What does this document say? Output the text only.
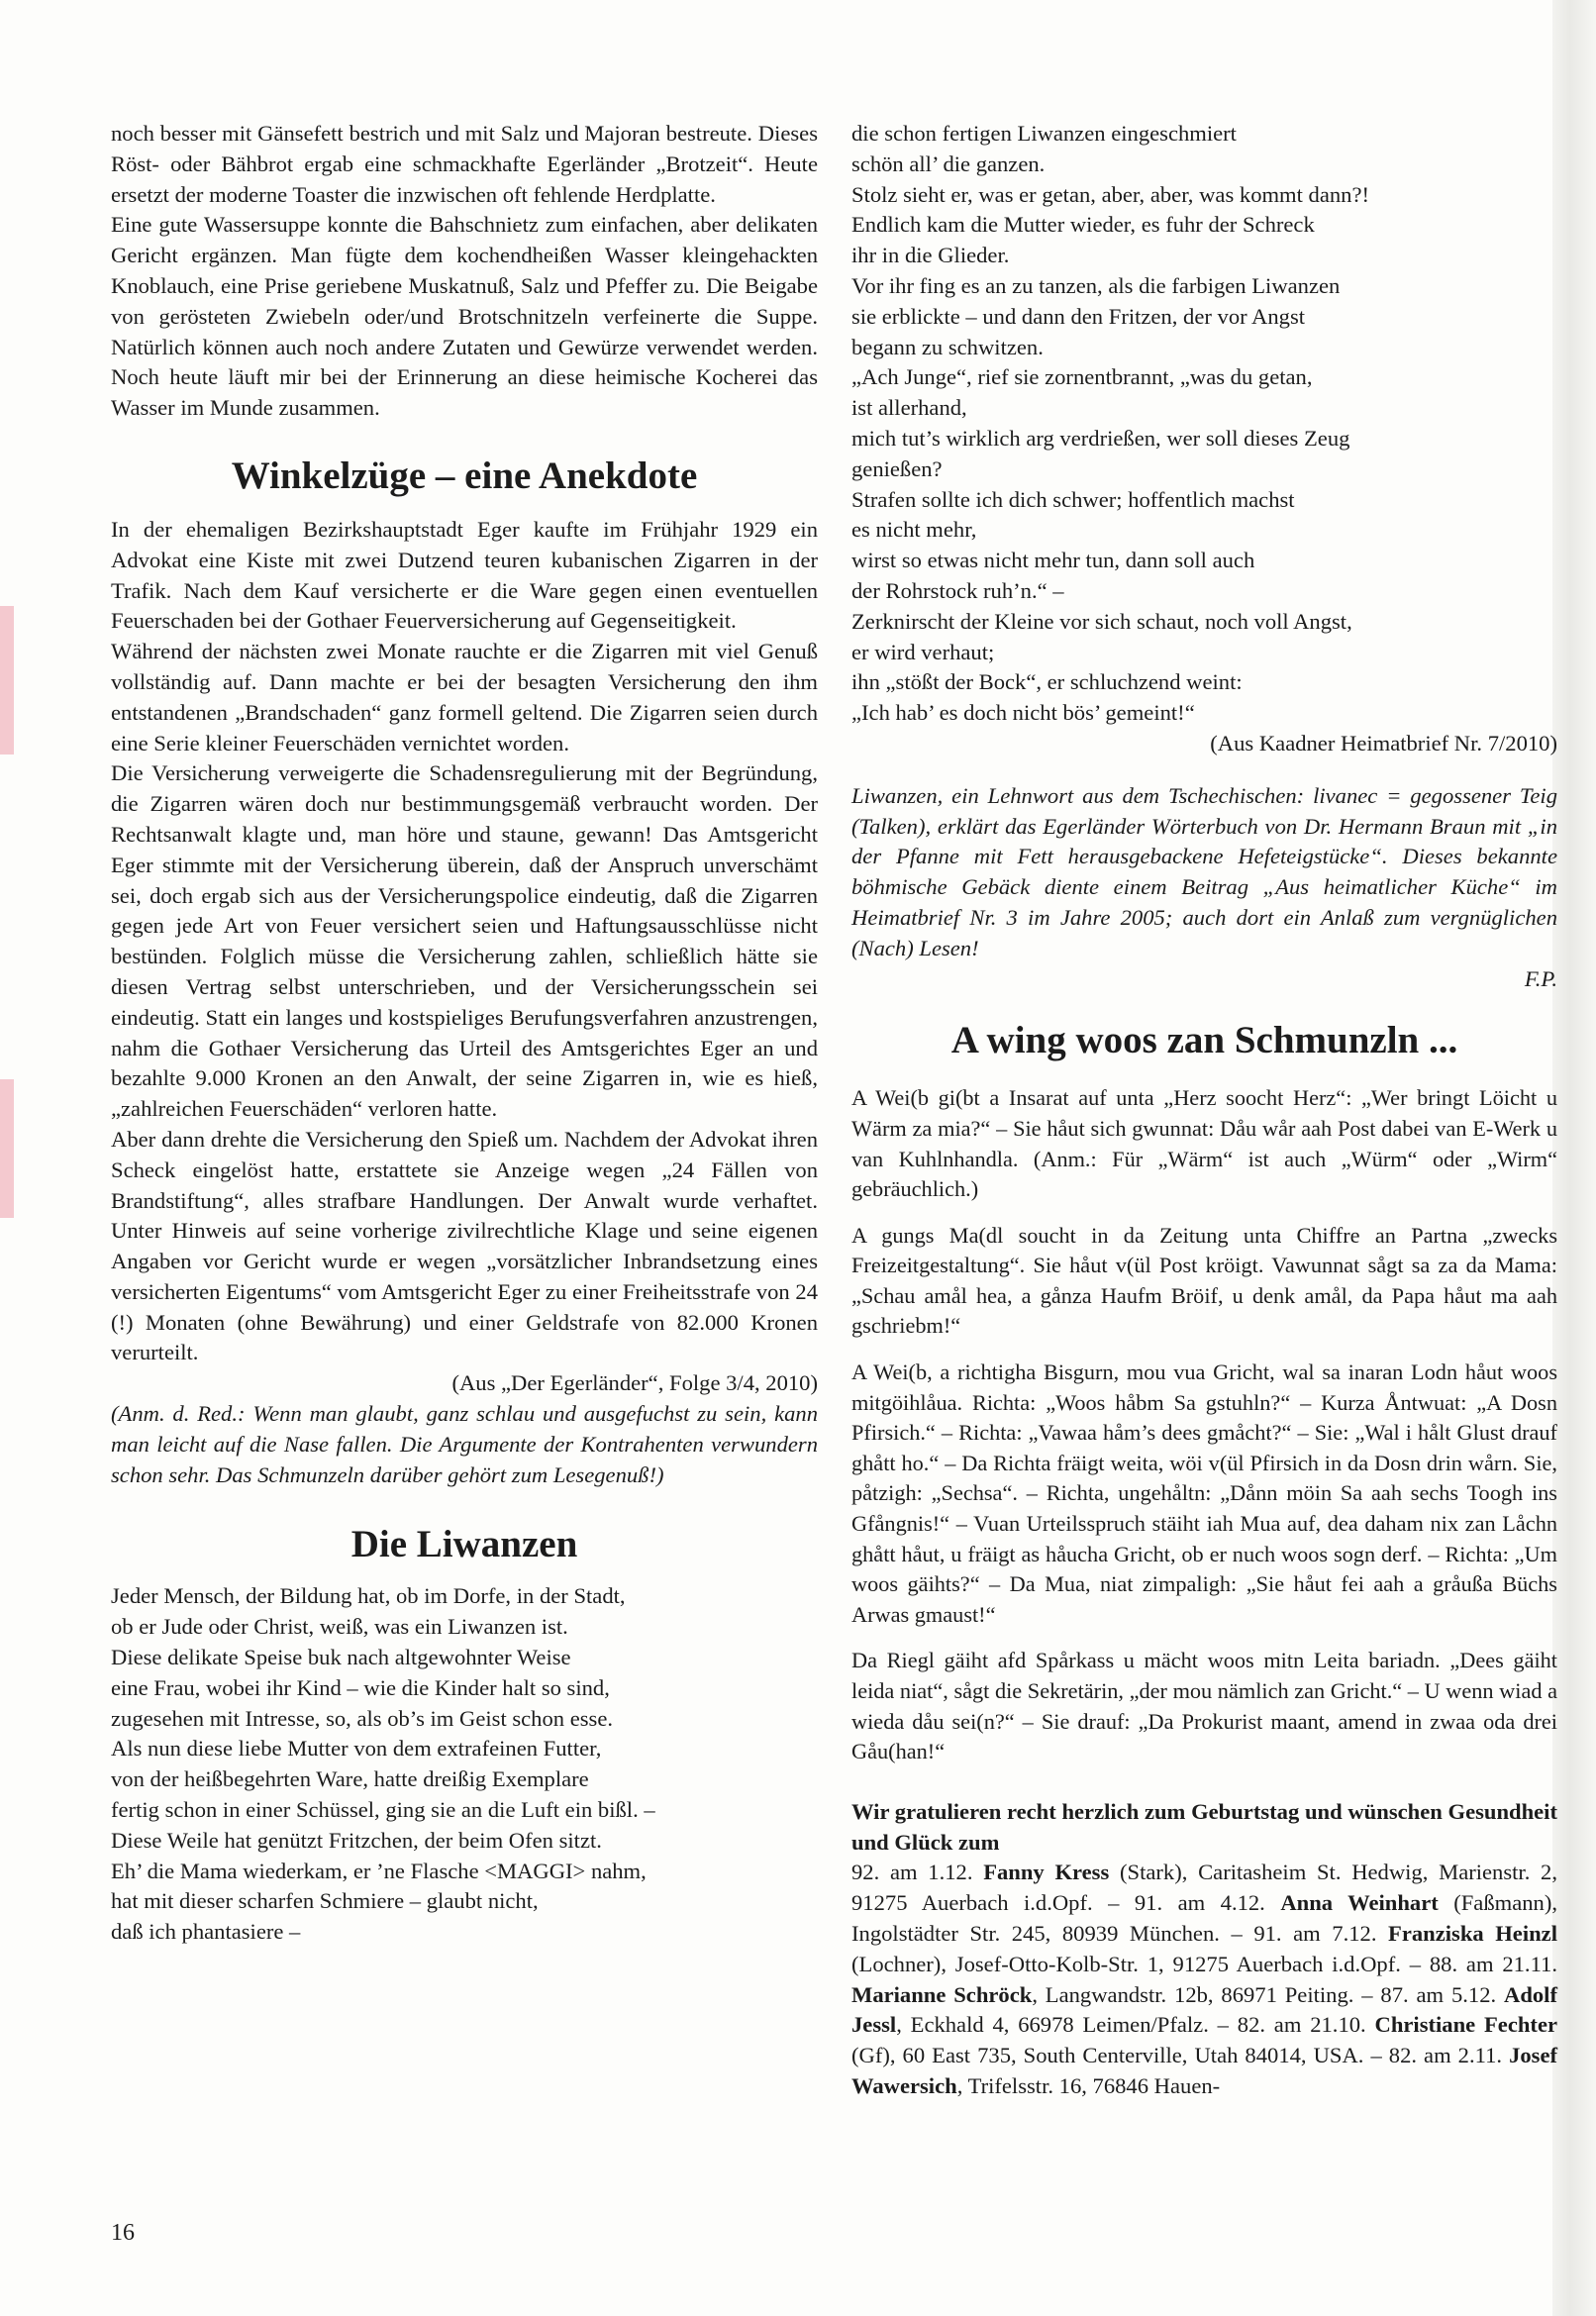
noch besser mit Gänsefett bestrich und mit Salz und Majoran bestreute. Dieses Röst- oder Bähbrot ergab eine schmackhafte Egerländer „Brotzeit“. Heute ersetzt der moderne Toaster die inzwischen oft fehlende Herdplatte.

Eine gute Wassersuppe konnte die Bahschnietz zum einfachen, aber delikaten Gericht ergänzen. Man fügte dem kochendheißen Wasser kleingehackten Knoblauch, eine Prise geriebene Muskatnuß, Salz und Pfeffer zu. Die Beigabe von gerösteten Zwiebeln oder/und Brotschnitzeln verfeinerte die Suppe. Natürlich können auch noch andere Zutaten und Gewürze verwendet werden. Noch heute läuft mir bei der Erinnerung an diese heimische Kocherei das Wasser im Munde zusammen.

Winkelzüge – eine Anekdote

In der ehemaligen Bezirkshauptstadt Eger kaufte im Frühjahr 1929 ein Advokat eine Kiste mit zwei Dutzend teuren kubanischen Zigarren in der Trafik. Nach dem Kauf versicherte er die Ware gegen einen eventuellen Feuerschaden bei der Gothaer Feuerversicherung auf Gegenseitigkeit.

Während der nächsten zwei Monate rauchte er die Zigarren mit viel Genuß vollständig auf. Dann machte er bei der besagten Versicherung den ihm entstandenen „Brandschaden“ ganz formell geltend. Die Zigarren seien durch eine Serie kleiner Feuerschäden vernichtet worden.

Die Versicherung verweigerte die Schadensregulierung mit der Begründung, die Zigarren wären doch nur bestimmungsgemäß verbraucht worden. Der Rechtsanwalt klagte und, man höre und staune, gewann! Das Amtsgericht Eger stimmte mit der Versicherung überein, daß der Anspruch unverschämt sei, doch ergab sich aus der Versicherungspolice eindeutig, daß die Zigarren gegen jede Art von Feuer versichert seien und Haftungsausschlüsse nicht bestünden. Folglich müsse die Versicherung zahlen, schließlich hätte sie diesen Vertrag selbst unterschrieben, und der Versicherungsschein sei eindeutig. Statt ein langes und kostspieliges Berufungsverfahren anzustrengen, nahm die Gothaer Versicherung das Urteil des Amtsgerichtes Eger an und bezahlte 9.000 Kronen an den Anwalt, der seine Zigarren in, wie es hieß, „zahlreichen Feuerschäden“ verloren hatte.

Aber dann drehte die Versicherung den Spieß um. Nachdem der Advokat ihren Scheck eingelöst hatte, erstattete sie Anzeige wegen „24 Fällen von Brandstiftung“, alles strafbare Handlungen. Der Anwalt wurde verhaftet. Unter Hinweis auf seine vorherige zivilrechtliche Klage und seine eigenen Angaben vor Gericht wurde er wegen „vorsätzlicher Inbrandsetzung eines versicherten Eigentums“ vom Amtsgericht Eger zu einer Freiheitsstrafe von 24 (!) Monaten (ohne Bewährung) und einer Geldstrafe von 82.000 Kronen verurteilt.

(Aus „Der Egerländer“, Folge 3/4, 2010)

(Anm. d. Red.: Wenn man glaubt, ganz schlau und ausgefuchst zu sein, kann man leicht auf die Nase fallen. Die Argumente der Kontrahenten verwundern schon sehr. Das Schmunzeln darüber gehört zum Lesegenuß!)

Die Liwanzen

Jeder Mensch, der Bildung hat, ob im Dorfe, in der Stadt,
ob er Jude oder Christ, weiß, was ein Liwanzen ist.
Diese delikate Speise buk nach altgewohnter Weise
eine Frau, wobei ihr Kind – wie die Kinder halt so sind,
zugesehen mit Intresse, so, als ob’s im Geist schon esse.
Als nun diese liebe Mutter von dem extrafeinen Futter,
von der heißbegehrten Ware, hatte dreißig Exemplare
fertig schon in einer Schüssel, ging sie an die Luft ein bißl. –
Diese Weile hat genützt Fritzchen, der beim Ofen sitzt.
Eh’ die Mama wiederkam, er ’ne Flasche <MAGGI> nahm,
hat mit dieser scharfen Schmiere – glaubt nicht,
daß ich phantasiere –

die schon fertigen Liwanzen eingeschmiert
schön all’ die ganzen.
Stolz sieht er, was er getan, aber, aber, was kommt dann?!
Endlich kam die Mutter wieder, es fuhr der Schreck
ihr in die Glieder.
Vor ihr fing es an zu tanzen, als die farbigen Liwanzen
sie erblickte – und dann den Fritzen, der vor Angst
begann zu schwitzen.
„Ach Junge“, rief sie zornentbrannt, „was du getan,
ist allerhand,
mich tut’s wirklich arg verdrießen, wer soll dieses Zeug
genießen?
Strafen sollte ich dich schwer; hoffentlich machst
es nicht mehr,
wirst so etwas nicht mehr tun, dann soll auch
der Rohrstock ruh’n.“ –
Zerknirscht der Kleine vor sich schaut, noch voll Angst,
er wird verhaut;
ihn „stößt der Bock“, er schluchzend weint:
„Ich hab’ es doch nicht bös’ gemeint!“

(Aus Kaadner Heimatbrief Nr. 7/2010)

Liwanzen, ein Lehnwort aus dem Tschechischen: livanec = gegossener Teig (Talken), erklärt das Egerländer Wörterbuch von Dr. Hermann Braun mit „in der Pfanne mit Fett herausgebackene Hefeteigstücke“. Dieses bekannte böhmische Gebäck diente einem Beitrag „Aus heimatlicher Küche“ im Heimatbrief Nr. 3 im Jahre 2005; auch dort ein Anlaß zum vergnüglichen (Nach) Lesen!

F.P.

A wing woos zan Schmunzln ...

A Wei(b gi(bt a Insarat auf unta „Herz soocht Herz“: „Wer bringt Löicht u Wärm za mia?“ – Sie håut sich gwunnat: Dåu wår aah Post dabei van E-Werk u van Kuhlnhandla. (Anm.: Für „Wärm“ ist auch „Würm“ oder „Wirm“ gebräuchlich.)

A gungs Ma(dl soucht in da Zeitung unta Chiffre an Partna „zwecks Freizeitgestaltung“. Sie håut v(ül Post kröigt. Vawunnat sågt sa za da Mama: „Schau amål hea, a gånza Haufm Bröif, u denk amål, da Papa håut ma aah gschriebm!“

A Wei(b, a richtigha Bisgurn, mou vua Gricht, wal sa inaran Lodn håut woos mitgöihlåua. Richta: „Woos håbm Sa gstuhln?“ – Kurza Åntwuat: „A Dosn Pfirsich.“ – Richta: „Vawaa håm’s dees gmåcht?“ – Sie: „Wal i hålt Glust drauf ghått ho.“ – Da Richta fräigt weita, wöi v(ül Pfirsich in da Dosn drin wårn. Sie, påtzigh: „Sechsa“. – Richta, ungehåltn: „Dånn möin Sa aah sechs Toogh ins Gfångnis!“ – Vuan Urteilsspruch stäiht iah Mua auf, dea daham nix zan Låchn ghått håut, u fräigt as håucha Gricht, ob er nuch woos sogn derf. – Richta: „Um woos gäihts?“ – Da Mua, niat zimpaligh: „Sie håut fei aah a gråußa Büchs Arwas gmaust!“

Da Riegl gäiht afd Spårkass u mächt woos mitn Leita bariadn. „Dees gäiht leida niat“, sågt die Sekretärin, „der mou nämlich zan Gricht.“ – U wenn wiad a wieda dåu sei(n?“ – Sie drauf: „Da Prokurist maant, amend in zwaa oda drei Gåu(han!“

Wir gratulieren recht herzlich zum Geburtstag und wünschen Gesundheit und Glück zum

92. am 1.12. Fanny Kress (Stark), Caritasheim St. Hedwig, Marienstr. 2, 91275 Auerbach i.d.Opf. – 91. am 4.12. Anna Weinhart (Faßmann), Ingolstädter Str. 245, 80939 München. – 91. am 7.12. Franziska Heinzl (Lochner), Josef-Otto-Kolb-Str. 1, 91275 Auerbach i.d.Opf. – 88. am 21.11. Marianne Schröck, Langwandstr. 12b, 86971 Peiting. – 87. am 5.12. Adolf Jessl, Eckhald 4, 66978 Leimen/Pfalz. – 82. am 21.10. Christiane Fechter (Gf), 60 East 735, South Centerville, Utah 84014, USA. – 82. am 2.11. Josef Wawersich, Trifelsstr. 16, 76846 Hauen-

16
